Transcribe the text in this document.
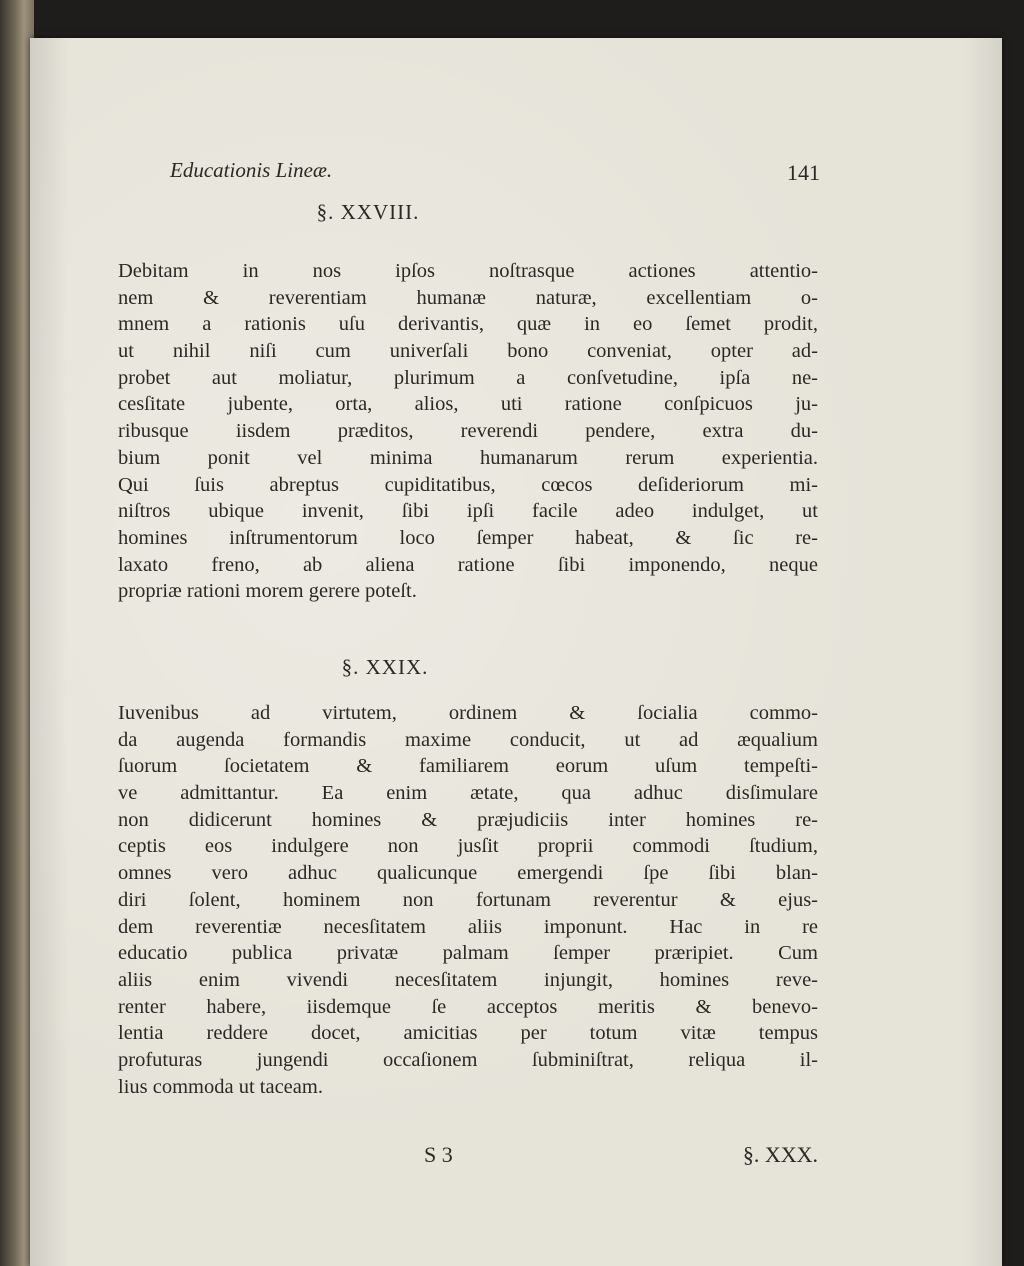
Educationis Lineæ.	141
§. XXVIII.
Debitam in nos ipſos noſtrasque actiones attentio-
nem & reverentiam humanæ naturæ, excellentiam o-
mnem a rationis uſu derivantis, quæ in eo ſemet prodit,
ut nihil niſi cum univerſali bono conveniat, opter ad-
probet aut moliatur, plurimum a conſvetudine, ipſa ne-
cesſitate jubente, orta, alios, uti ratione conſpicuos ju-
ribusque iisdem præditos, reverendi pendere, extra du-
bium ponit vel minima humanarum rerum experientia.
Qui ſuis abreptus cupiditatibus, cœcos deſideriorum mi-
niſtros ubique invenit, ſibi ipſi facile adeo indulget, ut
homines inſtrumentorum loco ſemper habeat, & ſic re-
laxato freno, ab aliena ratione ſibi imponendo, neque
propriæ rationi morem gerere poteſt.
§. XXIX.
Iuvenibus ad virtutem, ordinem & ſocialia commo-
da augenda formandis maxime conducit, ut ad æqualium
ſuorum ſocietatem & familiarem eorum uſum tempeſti-
ve admittantur. Ea enim ætate, qua adhuc disſimulare
non didicerunt homines & præjudiciis inter homines re-
ceptis eos indulgere non jusſit proprii commodi ſtudium,
omnes vero adhuc qualicunque emergendi ſpe ſibi blan-
diri ſolent, hominem non fortunam reverentur & ejus-
dem reverentiæ necesſitatem aliis imponunt. Hac in re
educatio publica privatæ palmam ſemper præripiet. Cum
aliis enim vivendi necesſitatem injungit, homines reve-
renter habere, iisdemque ſe acceptos meritis & benevo-
lentia reddere docet, amicitias per totum vitæ tempus
profuturas jungendi occaſionem ſubminiſtrat, reliqua il-
lius commoda ut taceam.
S 3	§. XXX.
